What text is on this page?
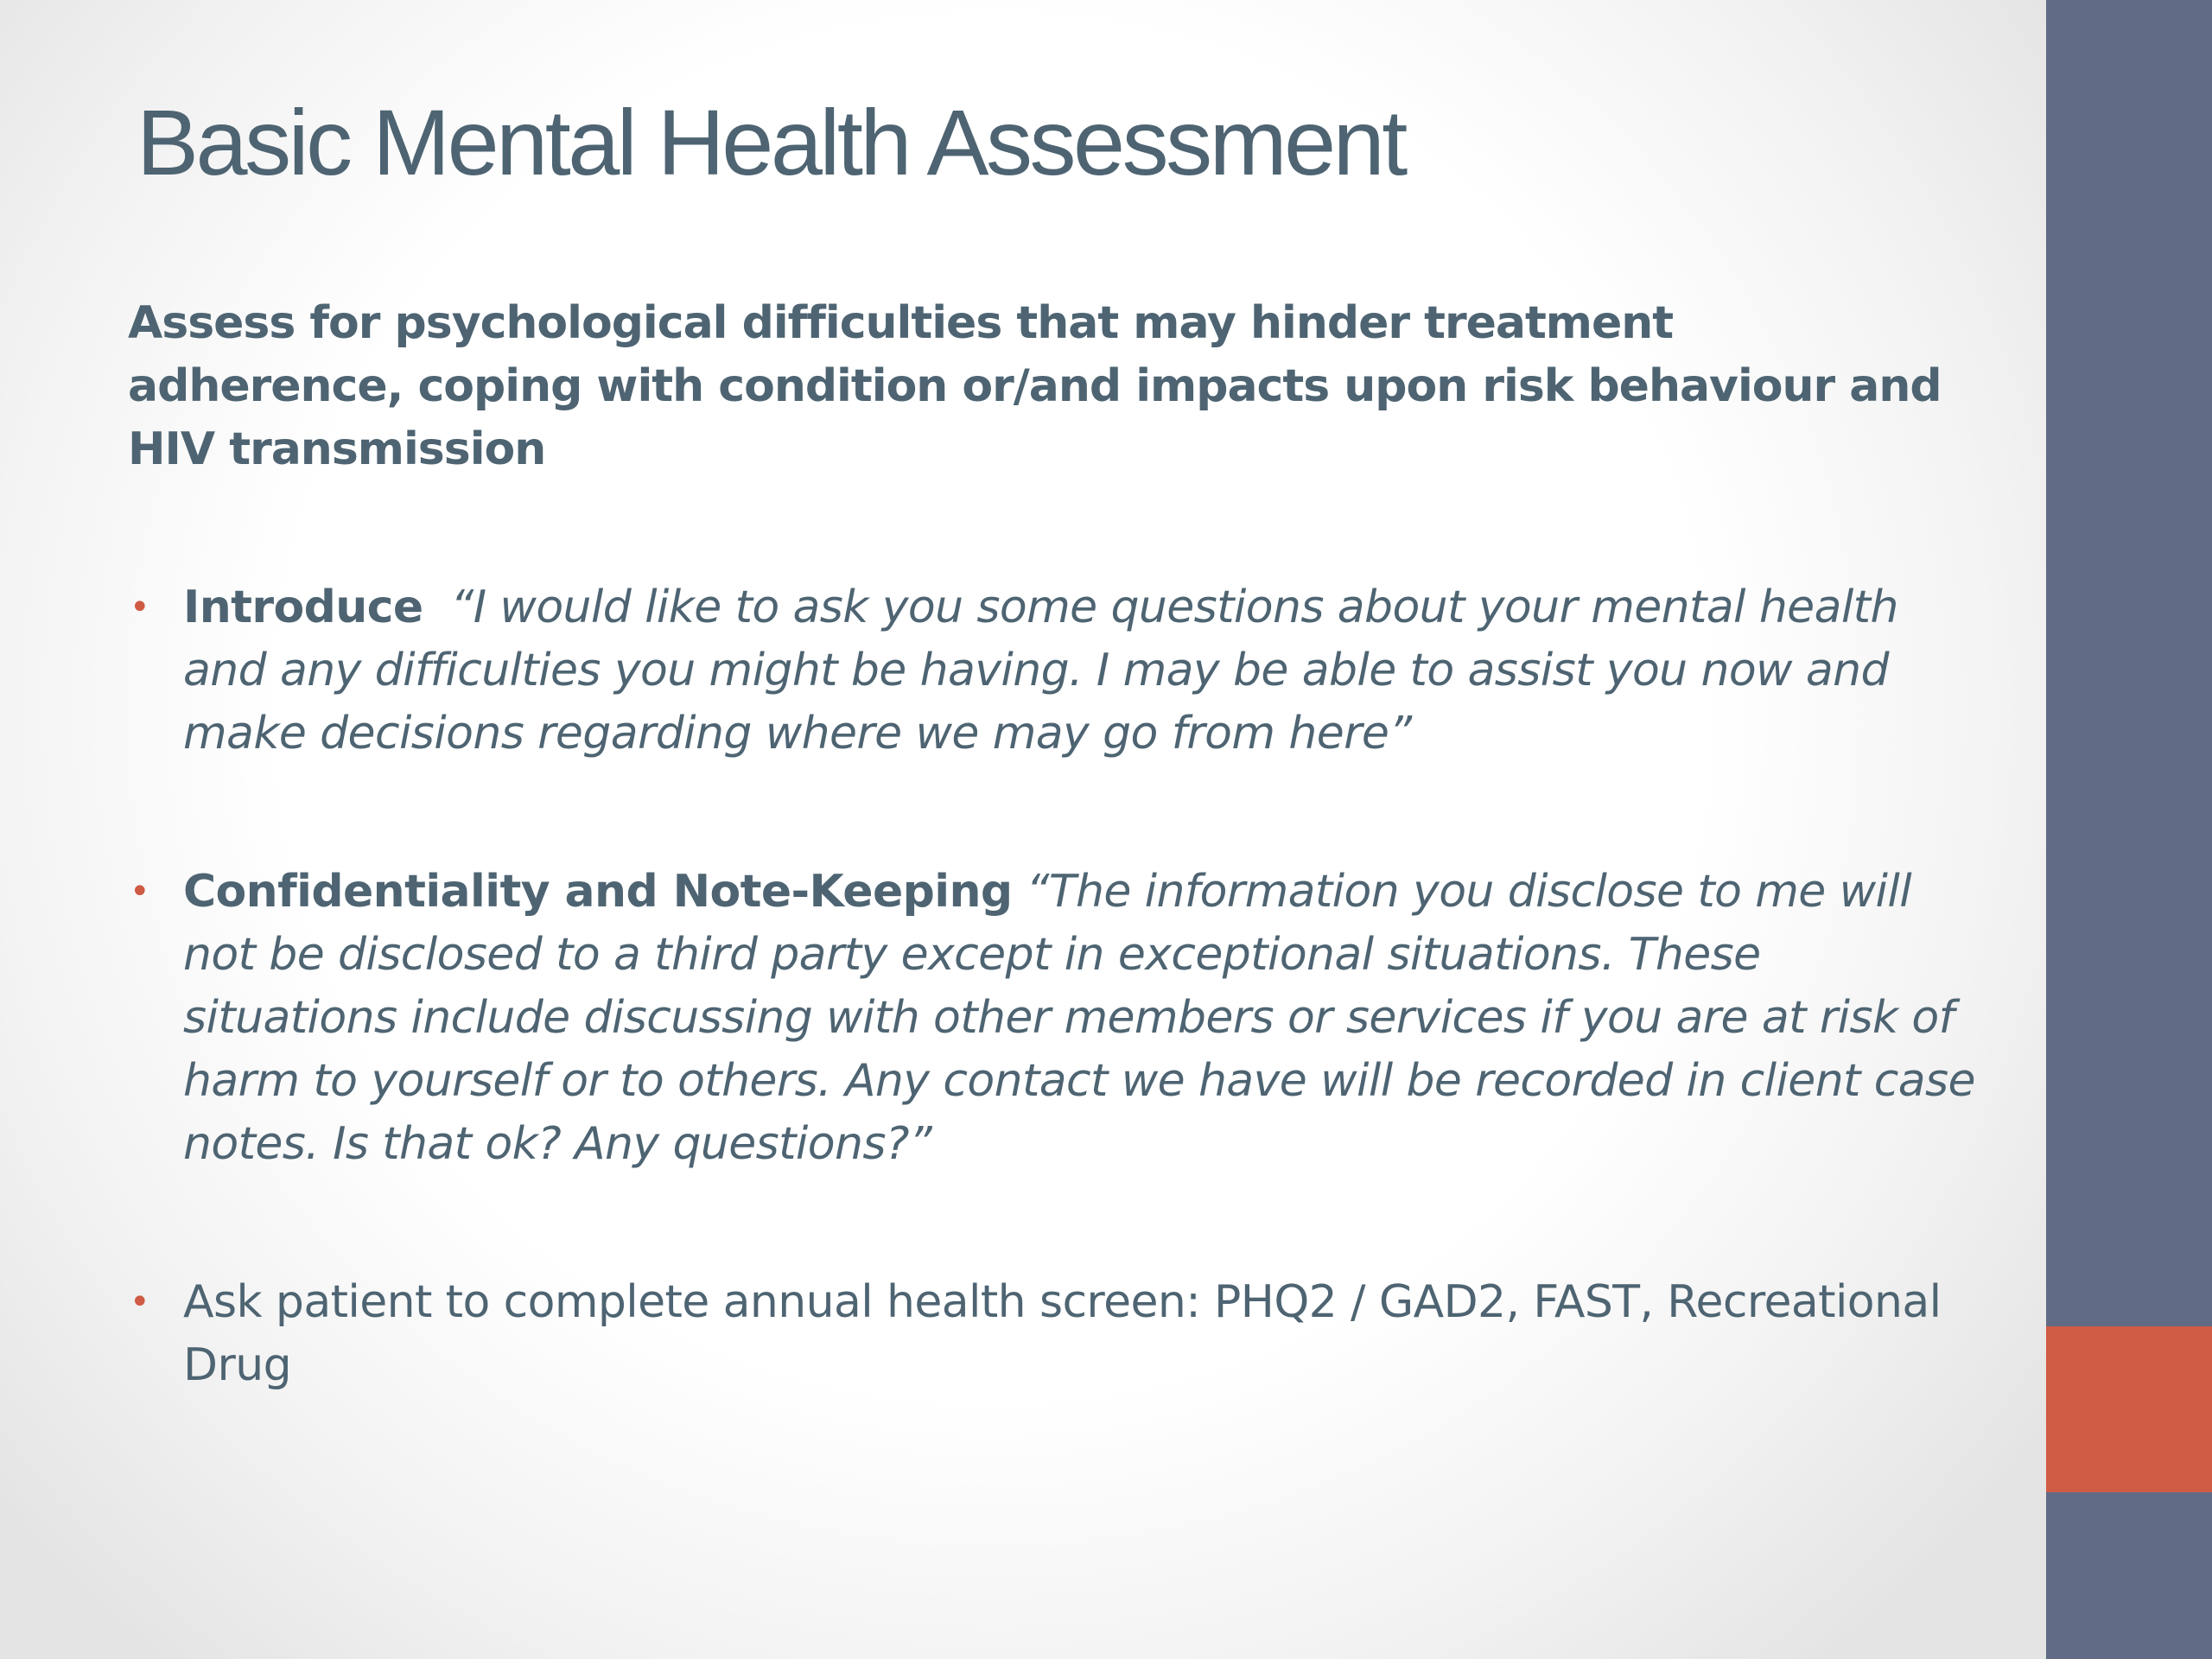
Basic Mental Health Assessment

Assess for psychological difficulties that may hinder treatment adherence, coping with condition or/and impacts upon risk behaviour and HIV transmission

• Introduce “I would like to ask you some questions about your mental health and any difficulties you might be having. I may be able to assist you now and make decisions regarding where we may go from here”
• Confidentiality and Note-Keeping “The information you disclose to me will not be disclosed to a third party except in exceptional situations. These situations include discussing with other members or services if you are at risk of harm to yourself or to others. Any contact we have will be recorded in client case notes. Is that ok? Any questions?”
• Ask patient to complete annual health screen: PHQ2 / GAD2, FAST, Recreational Drug
